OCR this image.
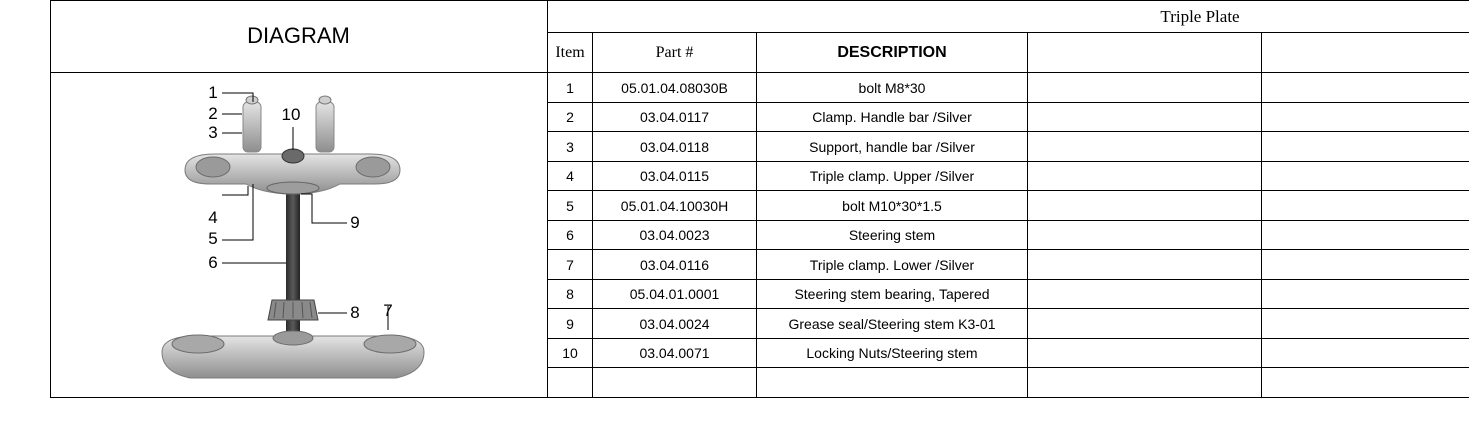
DIAGRAM
Triple Plate
Item	Part #	DESCRIPTION
1	05.01.04.08030B	bolt M8*30
2	03.04.0117	Clamp. Handle bar /Silver
3	03.04.0118	Support, handle bar /Silver
4	03.04.0115	Triple clamp. Upper /Silver
5	05.01.04.10030H	bolt M10*30*1.5
6	03.04.0023	Steering stem
7	03.04.0116	Triple clamp. Lower /Silver
8	05.04.01.0001	Steering stem bearing, Tapered
9	03.04.0024	Grease seal/Steering stem K3-01
10	03.04.0071	Locking Nuts/Steering stem
1
2
3
4
5
6
7
8
9
10
